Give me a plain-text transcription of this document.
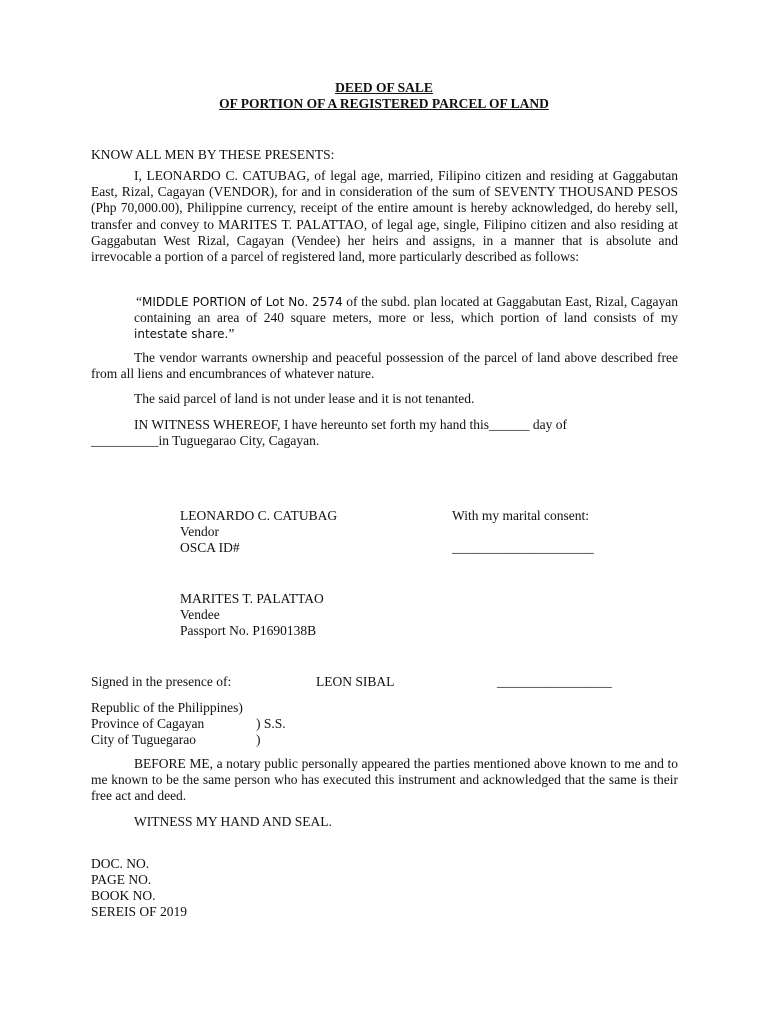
DEED OF SALE
OF PORTION OF A REGISTERED PARCEL OF LAND
KNOW ALL MEN BY THESE PRESENTS:

I, LEONARDO C. CATUBAG, of legal age, married, Filipino citizen and residing at Gaggabutan East, Rizal, Cagayan (VENDOR), for and in consideration of the sum of SEVENTY THOUSAND PESOS (Php 70,000.00), Philippine currency, receipt of the entire amount is hereby acknowledged, do hereby sell, transfer and convey to MARITES T. PALATTAO, of legal age, single, Filipino citizen and also residing at Gaggabutan West Rizal, Cagayan (Vendee) her heirs and assigns, in a manner that is absolute and irrevocable a portion of a parcel of registered land, more particularly described as follows:

“MIDDLE PORTION of Lot No. 2574 of the subd. plan located at Gaggabutan East, Rizal, Cagayan containing an area of 240 square meters, more or less, which portion of land consists of my intestate share.”

The vendor warrants ownership and peaceful possession of the parcel of land above described free from all liens and encumbrances of whatever nature.

The said parcel of land is not under lease and it is not tenanted.
IN WITNESS WHEREOF, I have hereunto set forth my hand this______ day of
__________in Tuguegarao City, Cagayan.
LEONARDO C. CATUBAG
Vendor
OSCA ID#
With my marital consent:
_____________________
MARITES T. PALATTAO
Vendee
Passport No. P1690138B
Signed in the presence of:	LEON SIBAL	_________________
Republic of the Philippines)
Province of Cagayan	) S.S.
City of Tuguegarao	)

BEFORE ME, a notary public personally appeared the parties mentioned above known to me and to me known to be the same person who has executed this instrument and acknowledged that the same is their free act and deed.

WITNESS MY HAND AND SEAL.
DOC. NO.
PAGE NO.
BOOK NO.
SEREIS OF 2019
